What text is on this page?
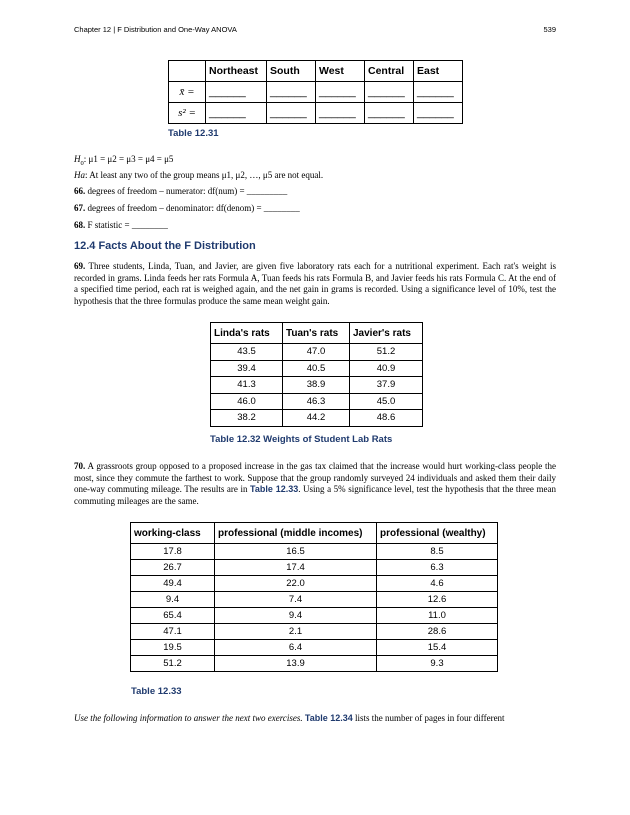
Chapter 12 | F Distribution and One-Way ANOVA	539
	Northeast	South	West	Central	East
x̄ =	______	______	______	______	______
s² =	______	______	______	______	______
Table 12.31
$H_0$: μ1 = μ2 = μ3 = μ4 = μ5
Ha: At least any two of the group means μ1, μ2, …, μ5 are not equal.
66. degrees of freedom – numerator: df(num) = _________
67. degrees of freedom – denominator: df(denom) = ________
68. F statistic = ________
12.4 Facts About the F Distribution
69. Three students, Linda, Tuan, and Javier, are given five laboratory rats each for a nutritional experiment. Each rat's weight is recorded in grams. Linda feeds her rats Formula A, Tuan feeds his rats Formula B, and Javier feeds his rats Formula C. At the end of a specified time period, each rat is weighed again, and the net gain in grams is recorded. Using a significance level of 10%, test the hypothesis that the three formulas produce the same mean weight gain.
Linda's rats	Tuan's rats	Javier's rats
43.5	47.0	51.2
39.4	40.5	40.9
41.3	38.9	37.9
46.0	46.3	45.0
38.2	44.2	48.6
Table 12.32 Weights of Student Lab Rats
70. A grassroots group opposed to a proposed increase in the gas tax claimed that the increase would hurt working-class people the most, since they commute the farthest to work. Suppose that the group randomly surveyed 24 individuals and asked them their daily one-way commuting mileage. The results are in Table 12.33. Using a 5% significance level, test the hypothesis that the three mean commuting mileages are the same.
working-class	professional (middle incomes)	professional (wealthy)
17.8	16.5	8.5
26.7	17.4	6.3
49.4	22.0	4.6
9.4	7.4	12.6
65.4	9.4	11.0
47.1	2.1	28.6
19.5	6.4	15.4
51.2	13.9	9.3
Table 12.33
Use the following information to answer the next two exercises. Table 12.34 lists the number of pages in four different
